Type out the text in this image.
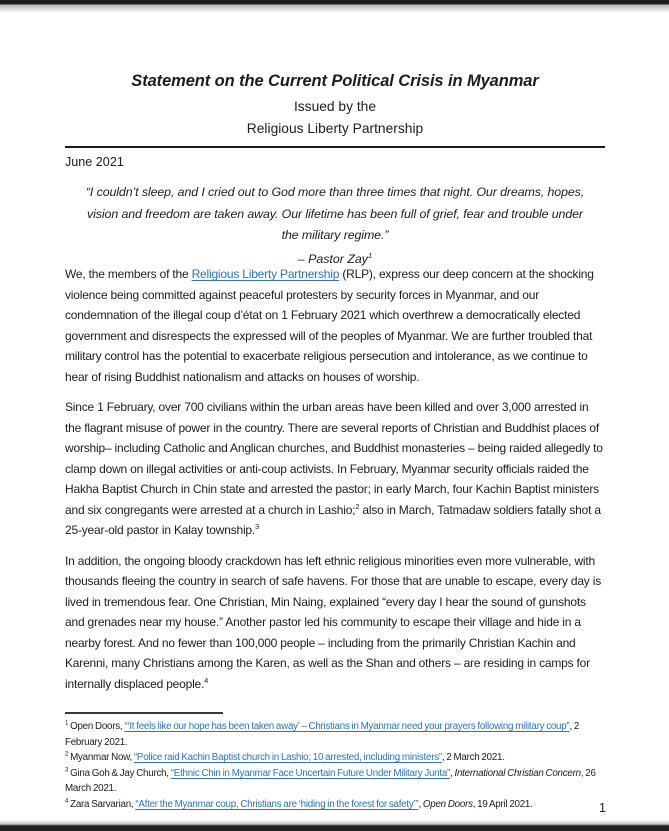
Statement on the Current Political Crisis in Myanmar
Issued by the
Religious Liberty Partnership
June 2021
“I couldn’t sleep, and I cried out to God more than three times that night. Our dreams, hopes, vision and freedom are taken away. Our lifetime has been full of grief, fear and trouble under the military regime.”
– Pastor Zay$^1$

We, the members of the Religious Liberty Partnership (RLP), express our deep concern at the shocking violence being committed against peaceful protesters by security forces in Myanmar, and our condemnation of the illegal coup d’état on 1 February 2021 which overthrew a democratically elected government and disrespects the expressed will of the peoples of Myanmar. We are further troubled that military control has the potential to exacerbate religious persecution and intolerance, as we continue to hear of rising Buddhist nationalism and attacks on houses of worship.

Since 1 February, over 700 civilians within the urban areas have been killed and over 3,000 arrested in the flagrant misuse of power in the country. There are several reports of Christian and Buddhist places of worship– including Catholic and Anglican churches, and Buddhist monasteries – being raided allegedly to clamp down on illegal activities or anti-coup activists. In February, Myanmar security officials raided the Hakha Baptist Church in Chin state and arrested the pastor; in early March, four Kachin Baptist ministers and six congregants were arrested at a church in Lashio;$^2$ also in March, Tatmadaw soldiers fatally shot a 25-year-old pastor in Kalay township.$^3$

In addition, the ongoing bloody crackdown has left ethnic religious minorities even more vulnerable, with thousands fleeing the country in search of safe havens. For those that are unable to escape, every day is lived in tremendous fear. One Christian, Min Naing, explained “every day I hear the sound of gunshots and grenades near my house.” Another pastor led his community to escape their village and hide in a nearby forest. And no fewer than 100,000 people – including from the primarily Christian Kachin and Karenni, many Christians among the Karen, as well as the Shan and others – are residing in camps for internally displaced people.$^4$

$^1$ Open Doors, “‘It feels like our hope has been taken away’ – Christians in Myanmar need your prayers following military coup”, 2 February 2021.
$^2$ Myanmar Now, “Police raid Kachin Baptist church in Lashio; 10 arrested, including ministers”, 2 March 2021.
$^3$ Gina Goh & Jay Church, “Ethnic Chin in Myanmar Face Uncertain Future Under Military Junta”, International Christian Concern, 26 March 2021.
$^4$ Zara Sarvarian, “After the Myanmar coup, Christians are ‘hiding in the forest for safety’”, Open Doors, 19 April 2021.	1
